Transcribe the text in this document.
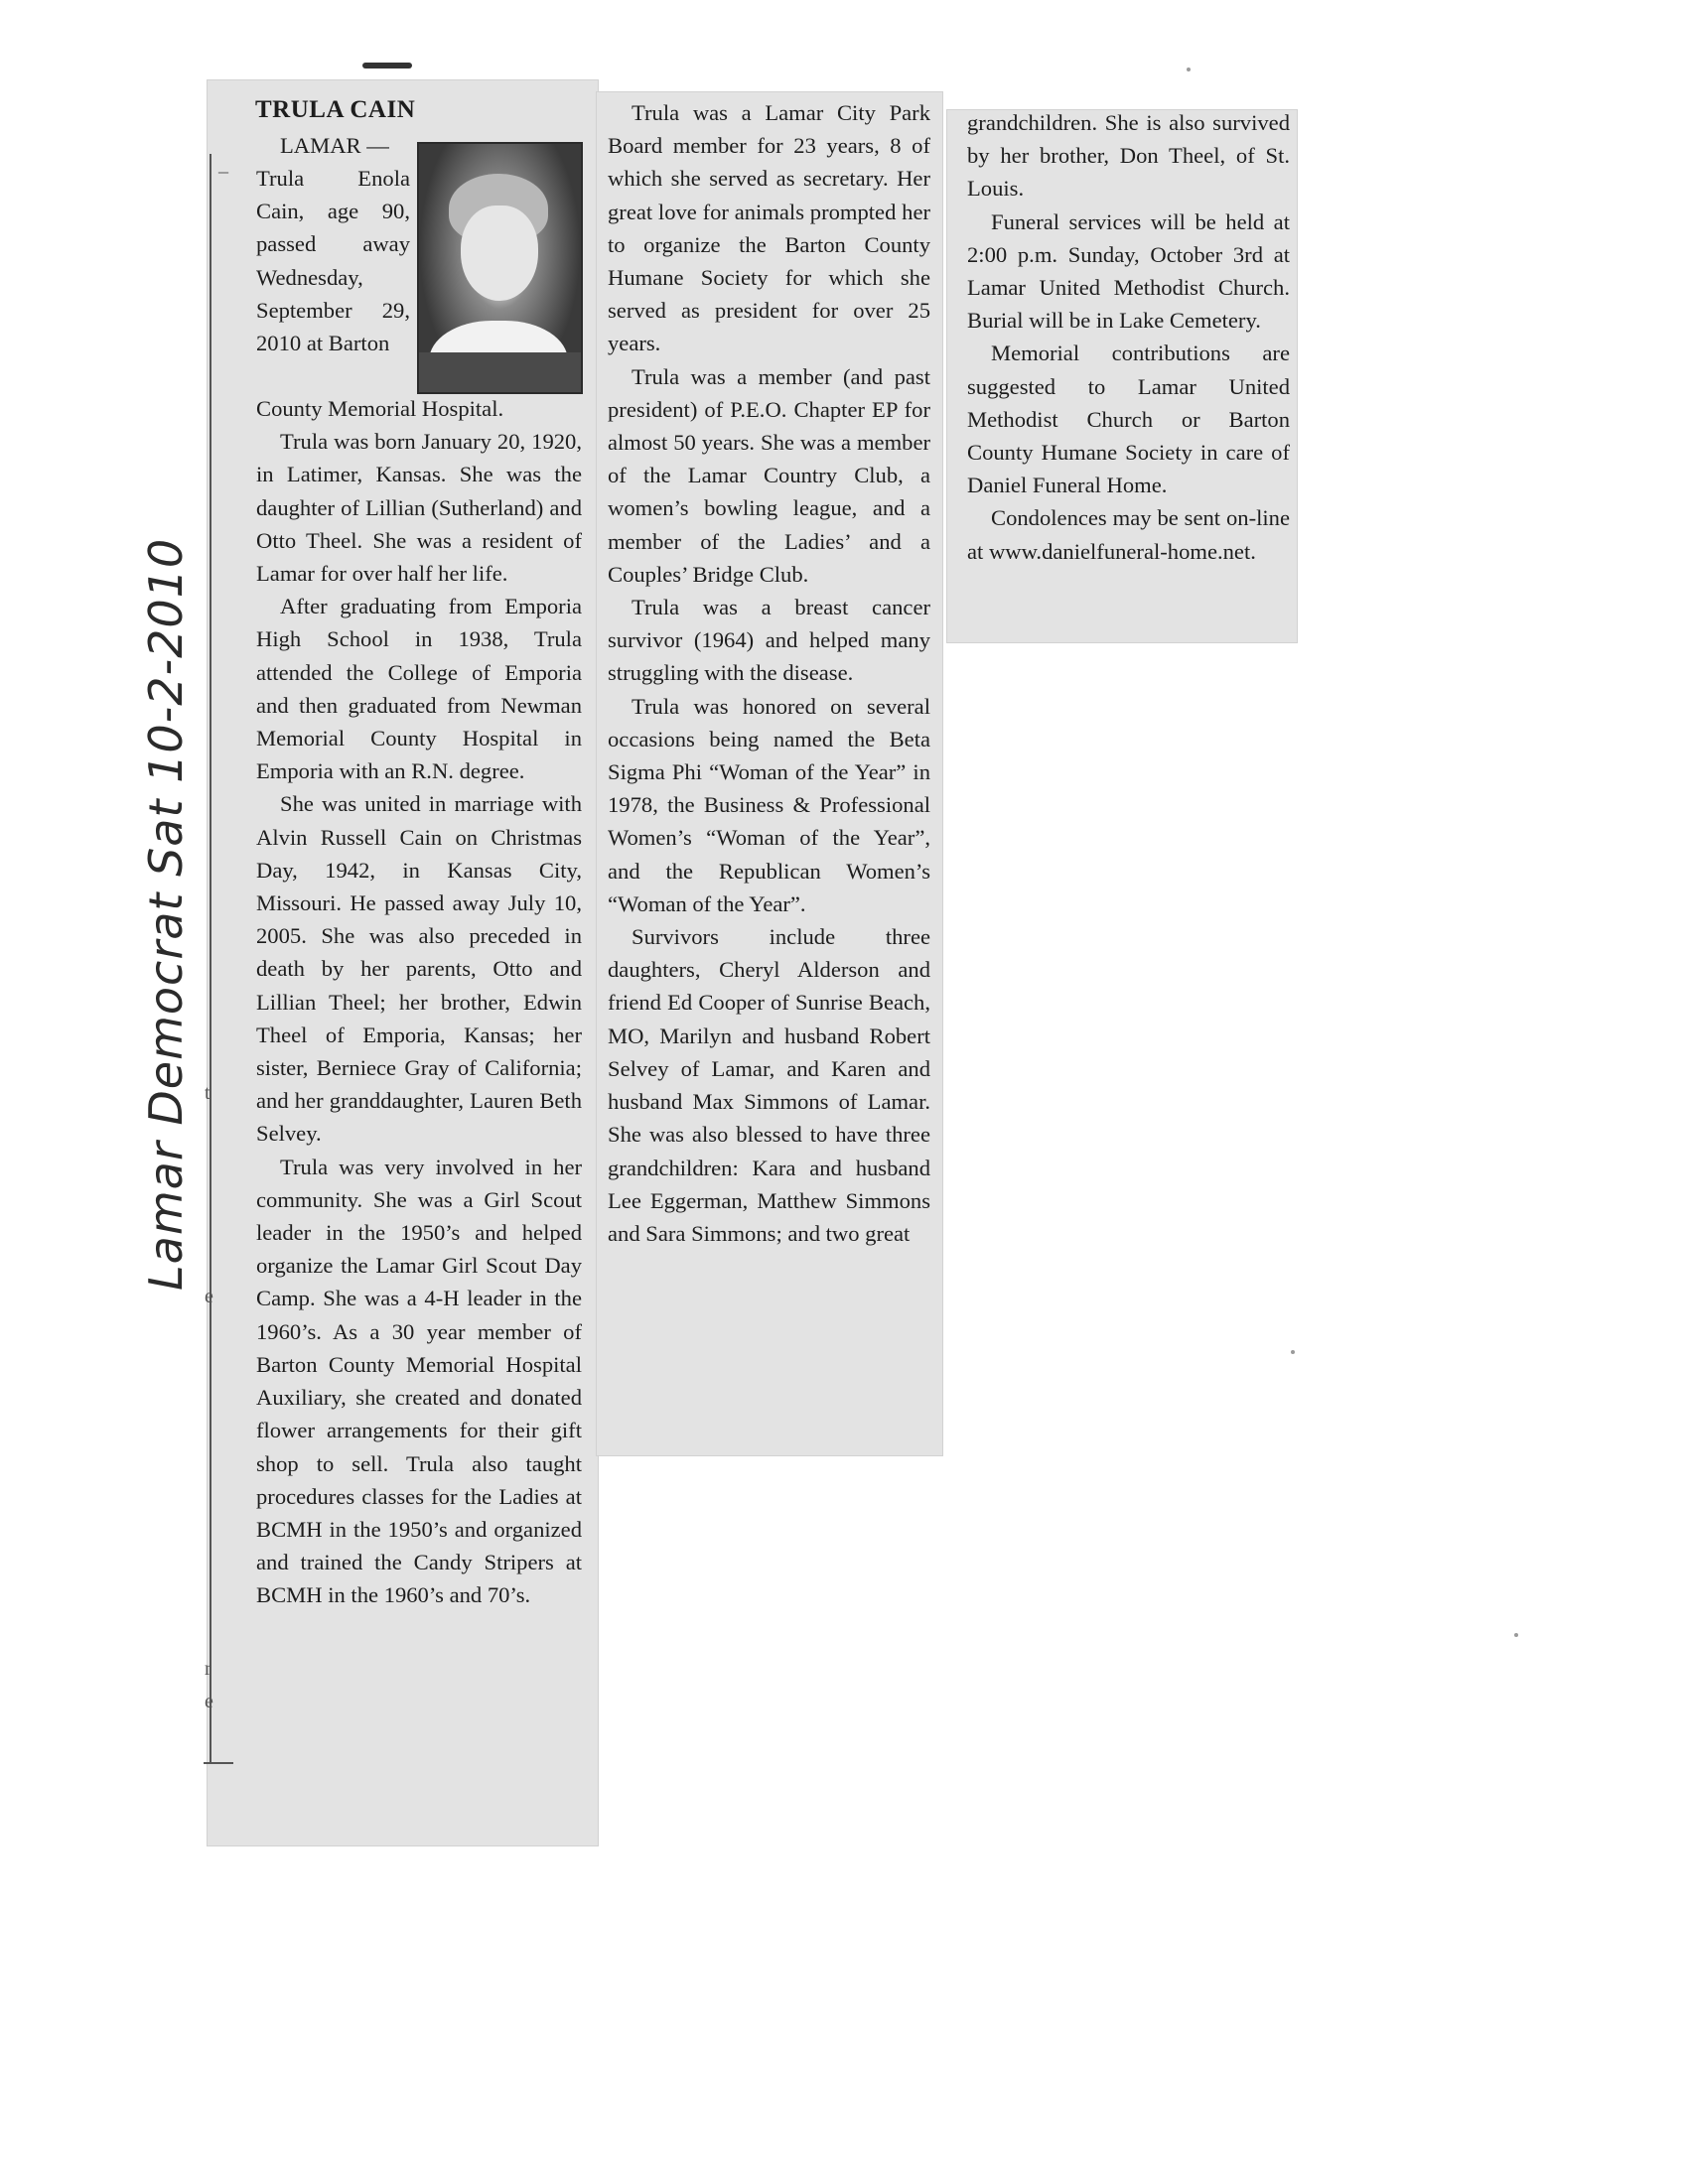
_
t
e
r
e
Lamar Democrat Sat 10-2-2010
TRULA CAIN

LAMAR —

Trula Enola Cain, age 90, passed away Wednesday, September 29, 2010 at Barton

County Memorial Hospital.

Trula was born January 20, 1920, in Latimer, Kansas. She was the daughter of Lillian (Sutherland) and Otto Theel. She was a resident of Lamar for over half her life.

After graduating from Emporia High School in 1938, Trula attended the College of Emporia and then graduated from Newman Memorial County Hospital in Emporia with an R.N. degree.

She was united in marriage with Alvin Russell Cain on Christmas Day, 1942, in Kansas City, Missouri. He passed away July 10, 2005. She was also preceded in death by her parents, Otto and Lillian Theel; her brother, Edwin Theel of Emporia, Kansas; her sister, Berniece Gray of California; and her granddaughter, Lauren Beth Selvey.

Trula was very involved in her community. She was a Girl Scout leader in the 1950’s and helped organize the Lamar Girl Scout Day Camp. She was a 4-H leader in the 1960’s. As a 30 year member of Barton County Memorial Hospital Auxiliary, she created and donated flower arrangements for their gift shop to sell. Trula also taught procedures classes for the Ladies at BCMH in the 1950’s and organized and trained the Candy Stripers at BCMH in the 1960’s and 70’s.

Trula was a Lamar City Park Board member for 23 years, 8 of which she served as secretary. Her great love for animals prompted her to organize the Barton County Humane Society for which she served as president for over 25 years.

Trula was a member (and past president) of P.E.O. Chapter EP for almost 50 years. She was a member of the Lamar Country Club, a women’s bowling league, and a member of the Ladies’ and a Couples’ Bridge Club.

Trula was a breast cancer survivor (1964) and helped many struggling with the disease.

Trula was honored on several occasions being named the Beta Sigma Phi “Woman of the Year” in 1978, the Business & Professional Women’s “Woman of the Year”, and the Republican Women’s “Woman of the Year”.

Survivors include three daughters, Cheryl Alderson and friend Ed Cooper of Sunrise Beach, MO, Marilyn and husband Robert Selvey of Lamar, and Karen and husband Max Simmons of Lamar. She was also blessed to have three grandchildren: Kara and husband Lee Eggerman, Matthew Simmons and Sara Simmons; and two great

grandchildren. She is also survived by her brother, Don Theel, of St. Louis.

Funeral services will be held at 2:00 p.m. Sunday, October 3rd at Lamar United Methodist Church. Burial will be in Lake Cemetery.

Memorial contributions are suggested to Lamar United Methodist Church or Barton County Humane Society in care of Daniel Funeral Home.

Condolences may be sent on-line at www.danielfuneral-home.net.
